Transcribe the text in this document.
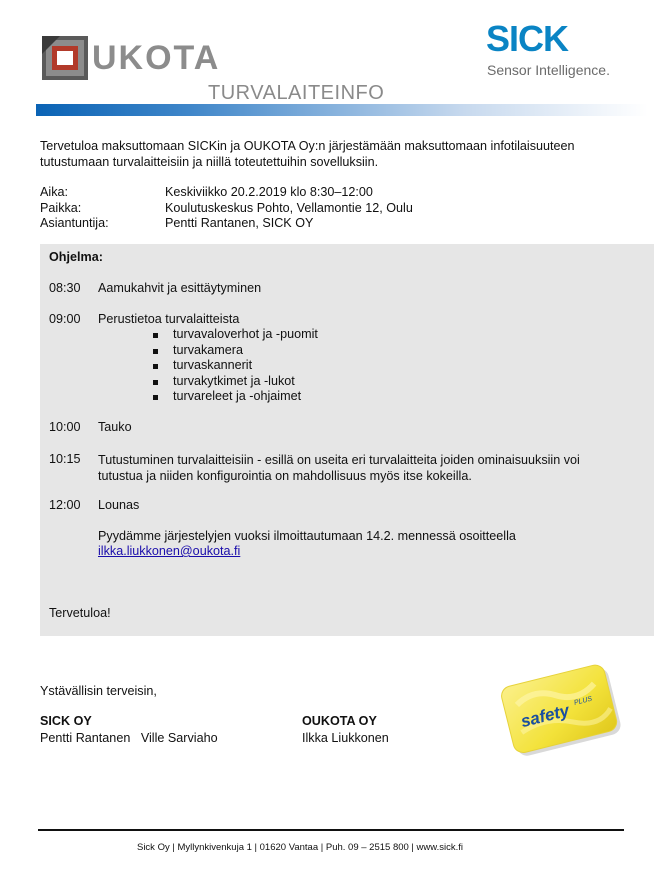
UKOTA
TURVALAITEINFO
SICK
Sensor Intelligence.
Tervetuloa maksuttomaan SICKin ja OUKOTA Oy:n järjestämään maksuttomaan infotilaisuuteen tutustumaan turvalaitteisiin ja niillä toteutettuihin sovelluksiin.
Aika:	Keskiviikko 20.2.2019 klo 8:30–12:00
Paikka:	Koulutuskeskus Pohto, Vellamontie 12, Oulu
Asiantuntija:	Pentti Rantanen, SICK OY
Ohjelma:
08:30 Aamukahvit ja esittäytyminen
09:00 Perustietoa turvalaitteista
turvavaloverhot ja -puomit
turvakamera
turvaskannerit
turvakytkimet ja -lukot
turvareleet ja -ohjaimet
10:00 Tauko
10:15 Tutustuminen turvalaitteisiin - esillä on useita eri turvalaitteita joiden ominaisuuksiin voi tutustua ja niiden konfigurointia on mahdollisuus myös itse kokeilla.
12:00 Lounas
Pyydämme järjestelyjen vuoksi ilmoittautumaan 14.2. mennessä osoitteella
ilkka.liukkonen@oukota.fi
Tervetuloa!
Ystävällisin terveisin,
SICK OY
Pentti Rantanen   Ville Sarviaho
OUKOTA OY
Ilkka Liukkonen
safety PLUS
Sick Oy | Myllynkivenkuja 1 | 01620 Vantaa | Puh. 09 – 2515 800 | www.sick.fi
